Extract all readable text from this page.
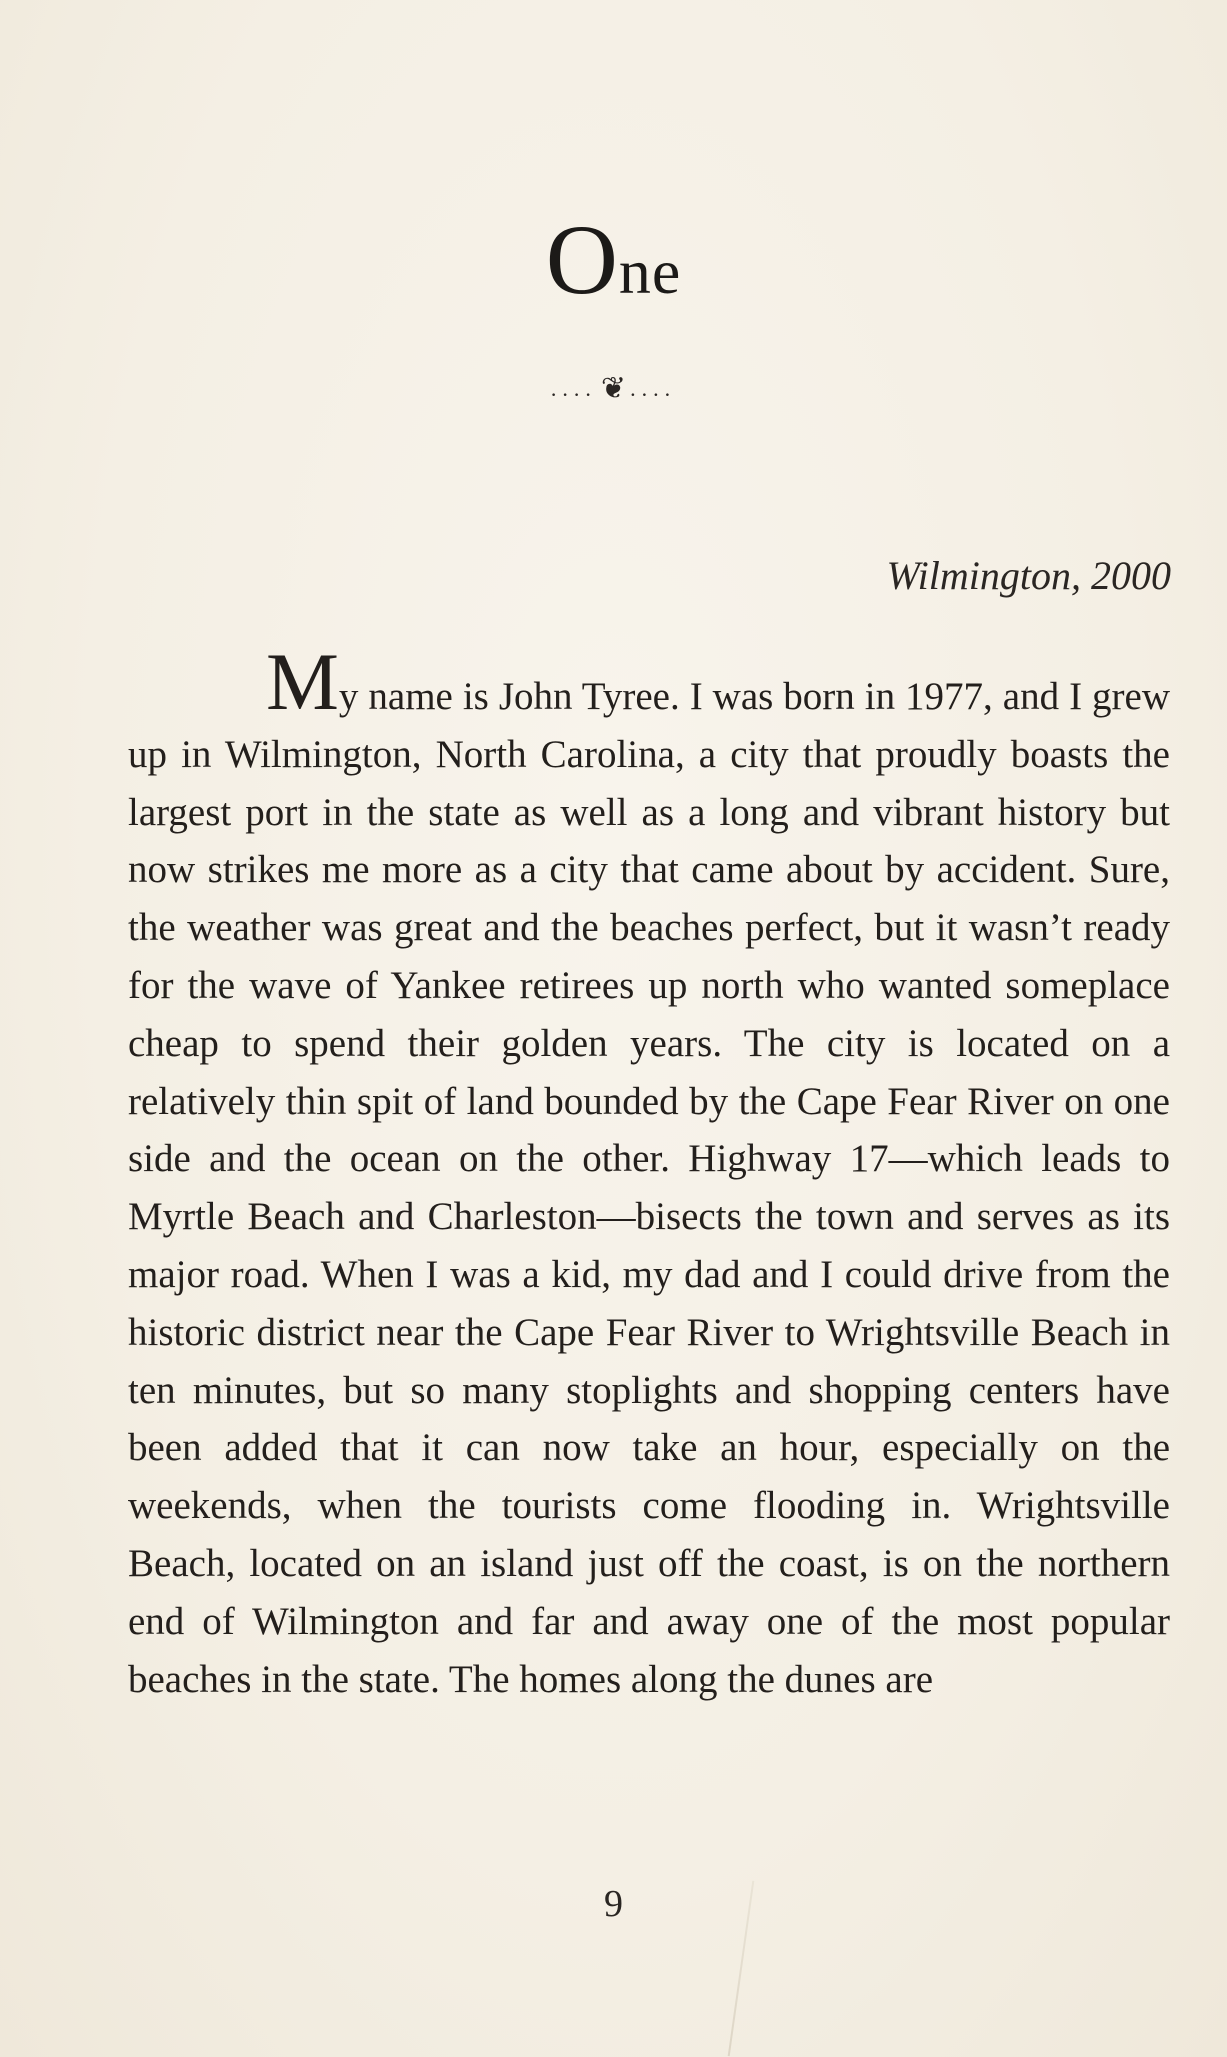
One
.... ❦ ....
Wilmington, 2000

My name is John Tyree. I was born in 1977, and I grew up in Wilmington, North Carolina, a city that proudly boasts the largest port in the state as well as a long and vibrant history but now strikes me more as a city that came about by accident. Sure, the weather was great and the beaches perfect, but it wasn’t ready for the wave of Yankee retirees up north who wanted someplace cheap to spend their golden years. The city is located on a relatively thin spit of land bounded by the Cape Fear River on one side and the ocean on the other. Highway 17—which leads to Myrtle Beach and Charleston—bisects the town and serves as its major road. When I was a kid, my dad and I could drive from the historic district near the Cape Fear River to Wrightsville Beach in ten minutes, but so many stoplights and shopping centers have been added that it can now take an hour, especially on the weekends, when the tourists come flooding in. Wrightsville Beach, located on an island just off the coast, is on the northern end of Wilmington and far and away one of the most popular beaches in the state. The homes along the dunes are

9
